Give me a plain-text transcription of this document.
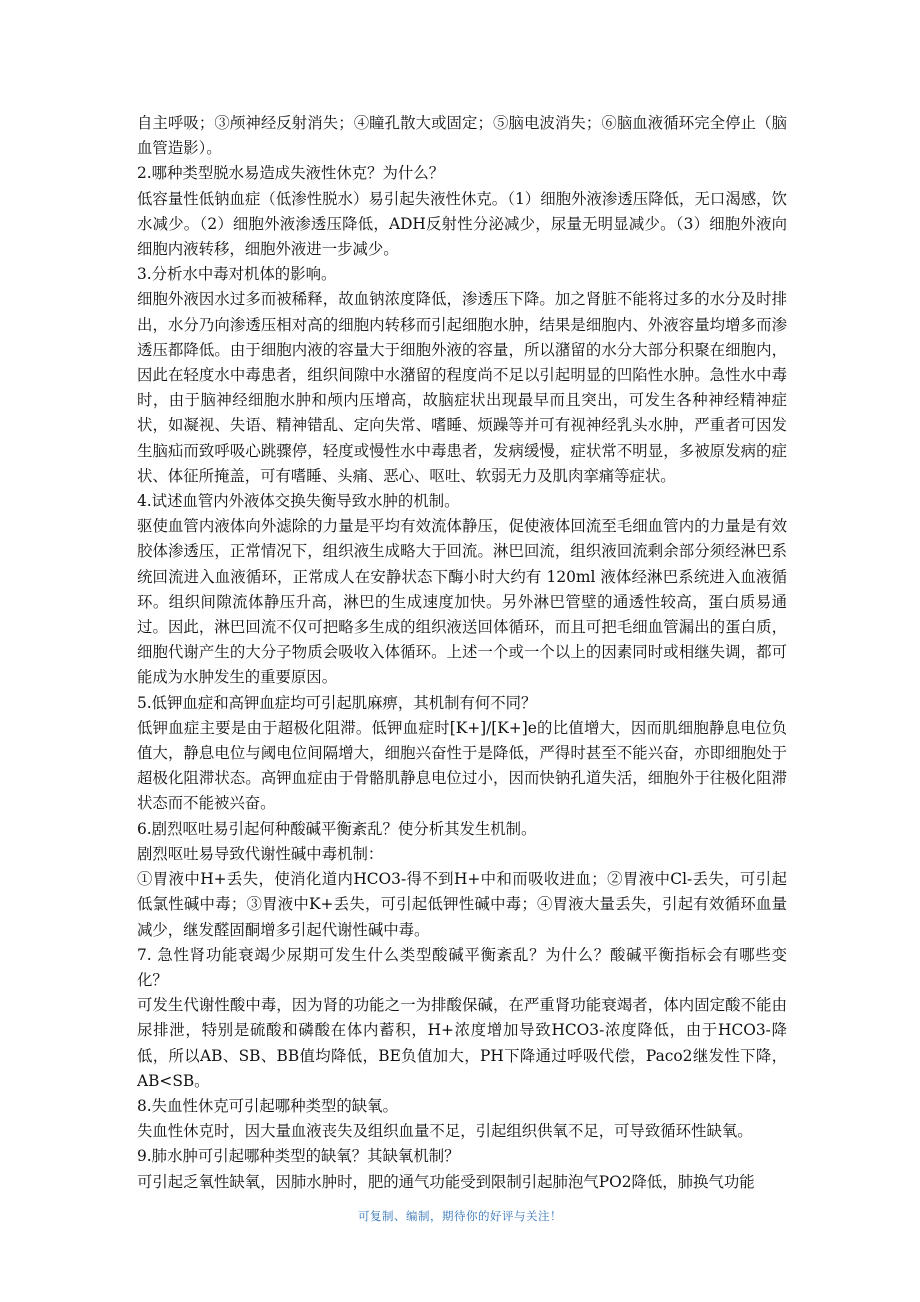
自主呼吸；③颅神经反射消失；④瞳孔散大或固定；⑤脑电波消失；⑥脑血液循环完全停止（脑血管造影）。

2.哪种类型脱水易造成失液性休克？为什么？

低容量性低钠血症（低渗性脱水）易引起失液性休克。（1）细胞外液渗透压降低，无口渴感，饮水减少。（2）细胞外液渗透压降低，ADH反射性分泌减少，尿量无明显减少。（3）细胞外液向细胞内液转移，细胞外液进一步减少。

3.分析水中毒对机体的影响。

细胞外液因水过多而被稀释，故血钠浓度降低，渗透压下降。加之肾脏不能将过多的水分及时排出，水分乃向渗透压相对高的细胞内转移而引起细胞水肿，结果是细胞内、外液容量均增多而渗透压都降低。由于细胞内液的容量大于细胞外液的容量，所以潴留的水分大部分积聚在细胞内，因此在轻度水中毒患者，组织间隙中水潴留的程度尚不足以引起明显的凹陷性水肿。急性水中毒时，由于脑神经细胞水肿和颅内压增高，故脑症状出现最早而且突出，可发生各种神经精神症状，如凝视、失语、精神错乱、定向失常、嗜睡、烦躁等并可有视神经乳头水肿，严重者可因发生脑疝而致呼吸心跳骤停，轻度或慢性水中毒患者，发病缓慢，症状常不明显，多被原发病的症状、体征所掩盖，可有嗜睡、头痛、恶心、呕吐、软弱无力及肌肉挛痛等症状。

4.试述血管内外液体交换失衡导致水肿的机制。

驱使血管内液体向外滤除的力量是平均有效流体静压，促使液体回流至毛细血管内的力量是有效胶体渗透压，正常情况下，组织液生成略大于回流。淋巴回流，组织液回流剩余部分须经淋巴系统回流进入血液循环，正常成人在安静状态下酶小时大约有 120ml 液体经淋巴系统进入血液循环。组织间隙流体静压升高，淋巴的生成速度加快。另外淋巴管壁的通透性较高，蛋白质易通过。因此，淋巴回流不仅可把略多生成的组织液送回体循环，而且可把毛细血管漏出的蛋白质，细胞代谢产生的大分子物质会吸收入体循环。上述一个或一个以上的因素同时或相继失调，都可能成为水肿发生的重要原因。

5.低钾血症和高钾血症均可引起肌麻痹，其机制有何不同？

低钾血症主要是由于超极化阻滞。低钾血症时[K+]/[K+]e的比值增大，因而肌细胞静息电位负值大，静息电位与阈电位间隔增大，细胞兴奋性于是降低，严得时甚至不能兴奋，亦即细胞处于超极化阻滞状态。高钾血症由于骨骼肌静息电位过小，因而快钠孔道失活，细胞外于往极化阻滞状态而不能被兴奋。

6.剧烈呕吐易引起何种酸碱平衡紊乱？使分析其发生机制。

剧烈呕吐易导致代谢性碱中毒机制：

①胃液中H+丢失，使消化道内HCO3-得不到H+中和而吸收进血；②胃液中Cl-丢失，可引起低氯性碱中毒；③胃液中K+丢失，可引起低钾性碱中毒；④胃液大量丢失，引起有效循环血量减少，继发醛固酮增多引起代谢性碱中毒。

7. 急性肾功能衰竭少尿期可发生什么类型酸碱平衡紊乱？为什么？酸碱平衡指标会有哪些变化？

可发生代谢性酸中毒，因为肾的功能之一为排酸保碱，在严重肾功能衰竭者，体内固定酸不能由尿排泄，特别是硫酸和磷酸在体内蓄积，H+浓度增加导致HCO3-浓度降低，由于HCO3-降低，所以AB、SB、BB值均降低，BE负值加大，PH下降通过呼吸代偿，Paco2继发性下降，AB<SB。

8.失血性休克可引起哪种类型的缺氧。

失血性休克时，因大量血液丧失及组织血量不足，引起组织供氧不足，可导致循环性缺氧。

9.肺水肿可引起哪种类型的缺氧？其缺氧机制？

可引起乏氧性缺氧，因肺水肿时，肥的通气功能受到限制引起肺泡气PO2降低，肺换气功能

可复制、编制，期待你的好评与关注！
